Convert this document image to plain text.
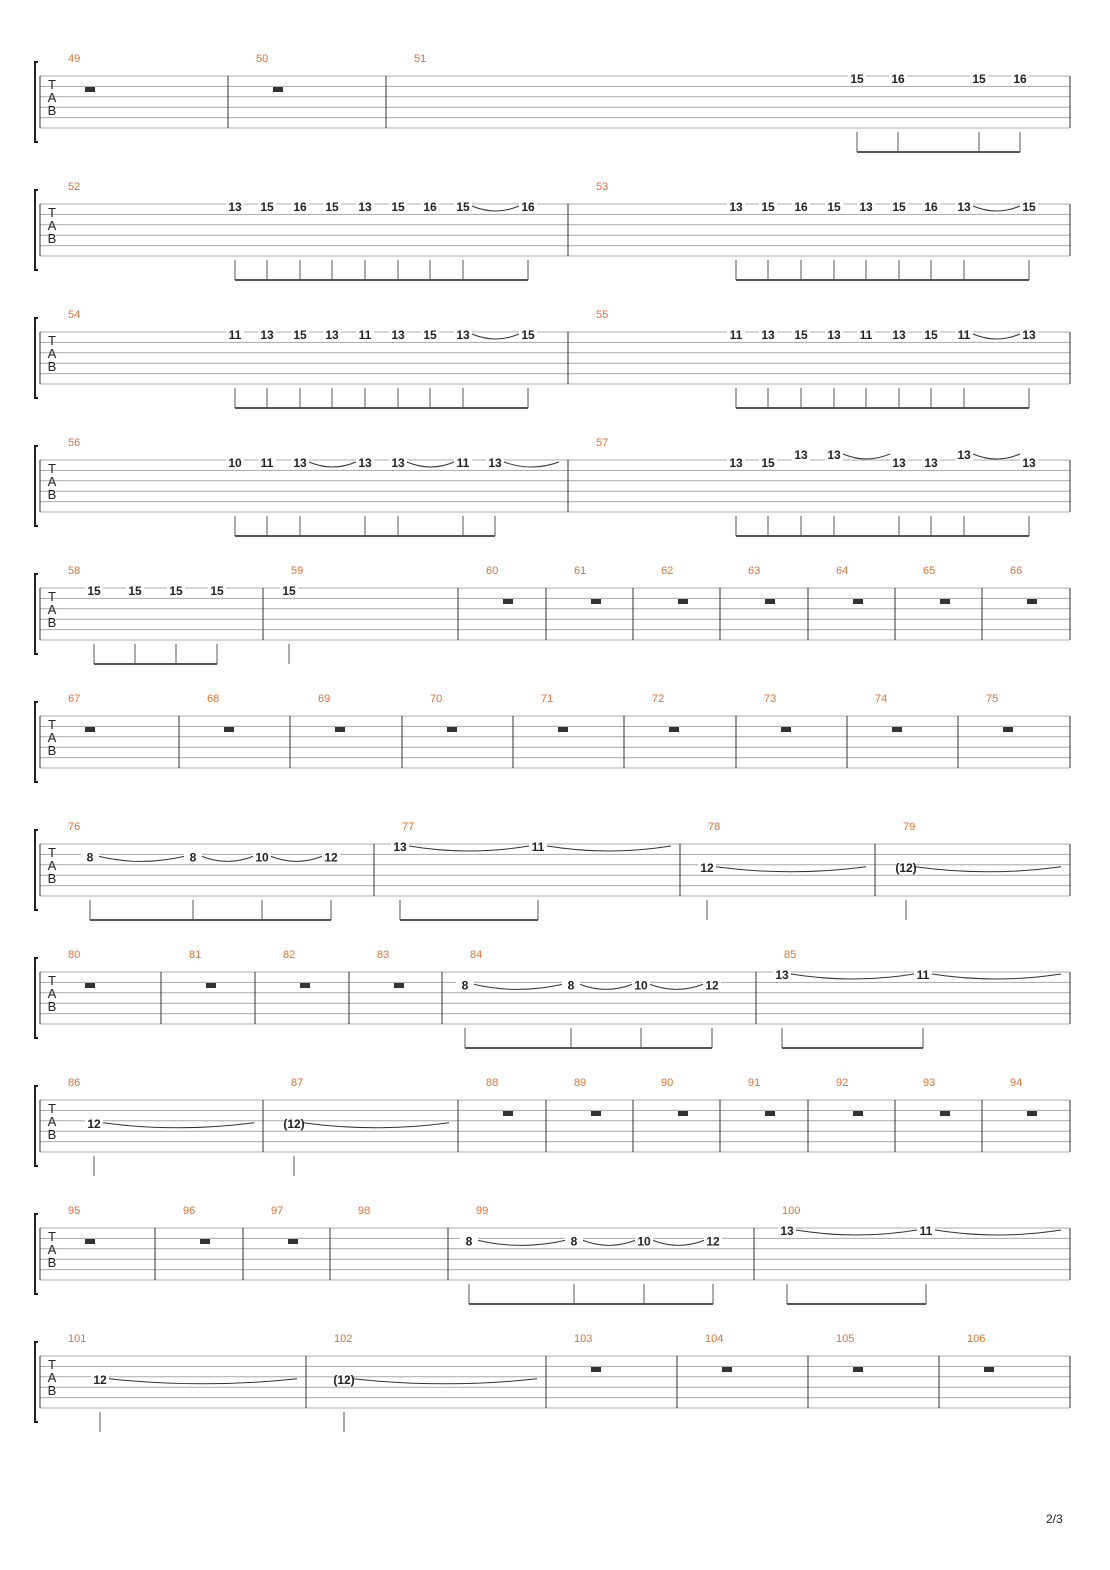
T
A
B
49	50	51
15 16	15 16
T
A
B
52
13 15 16 15 13 15 16 15	16
53
13 15 16 15 13 15 16 13	15
T
A
B
54
11 13 15 13 11 13 15 13	15
55
11 13 15 13 11 13 15 11	13
T
A
B
56
10 11 13	13 13	11 13
57
13 15
13 13
13 13
13
13
T
A
B
58
15 15 15 15
59
15
60	61	62	63	64	65	66
T
A
B
67	68	69	70	71	72	73	74	75
T
A
B
76
8	8	10	12
77
13	11
78
12
79
(12)
T
A
B
80	81	82	83	84
8	8	10	12
85
13	11
T
A
B
86
12
87
(12)
88	89	90	91	92	93	94
T
A
B
95	96	97	98	99
8	8	10	12
100
13	11
T
A
B
101
12
102
(12)
103	104	105	106
2/3
